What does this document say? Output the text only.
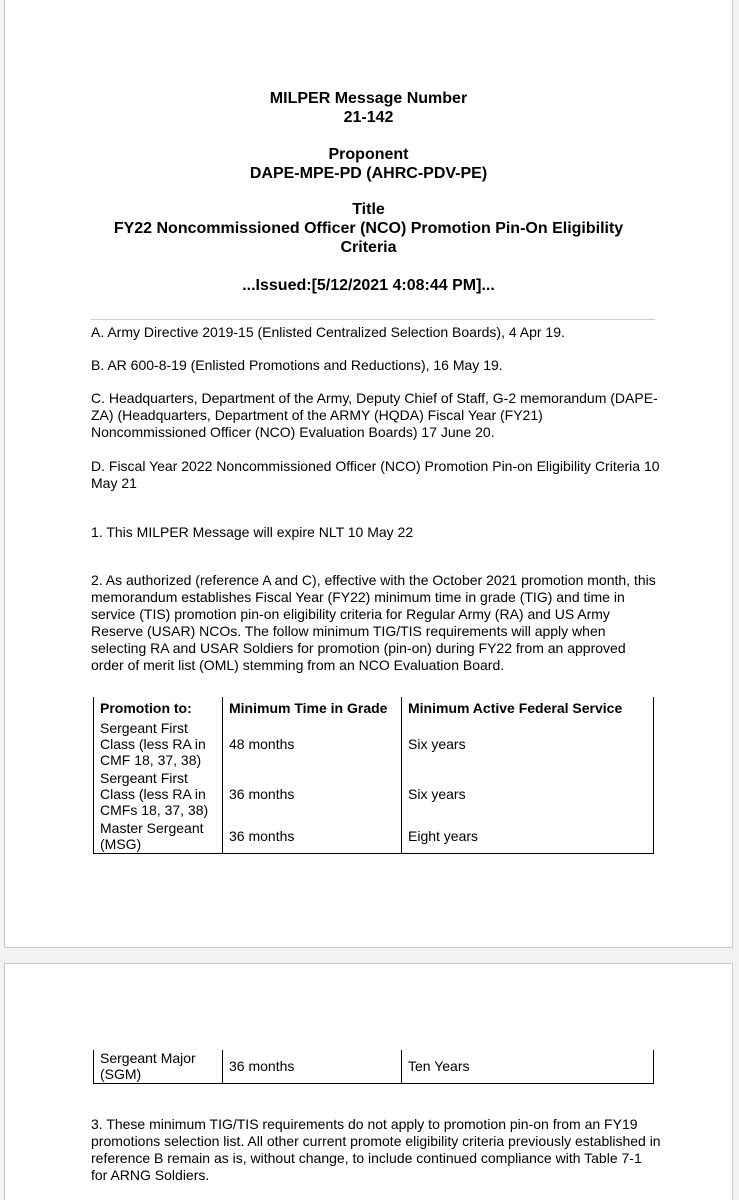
MILPER Message Number
21-142
Proponent
DAPE-MPE-PD (AHRC-PDV-PE)
Title
FY22 Noncommissioned Officer (NCO) Promotion Pin-On Eligibility
Criteria
...Issued:[5/12/2021 4:08:44 PM]...
A. Army Directive 2019-15 (Enlisted Centralized Selection Boards), 4 Apr 19.
B. AR 600-8-19 (Enlisted Promotions and Reductions), 16 May 19.
C. Headquarters, Department of the Army, Deputy Chief of Staff, G-2 memorandum (DAPE-ZA) (Headquarters, Department of the ARMY (HQDA) Fiscal Year (FY21) Noncommissioned Officer (NCO) Evaluation Boards) 17 June 20.
D. Fiscal Year 2022 Noncommissioned Officer (NCO) Promotion Pin-on Eligibility Criteria 10 May 21
1. This MILPER Message will expire NLT 10 May 22
2. As authorized (reference A and C), effective with the October 2021 promotion month, this memorandum establishes Fiscal Year (FY22) minimum time in grade (TIG) and time in service (TIS) promotion pin-on eligibility criteria for Regular Army (RA) and US Army Reserve (USAR) NCOs. The follow minimum TIG/TIS requirements will apply when selecting RA and USAR Soldiers for promotion (pin-on) during FY22 from an approved order of merit list (OML) stemming from an NCO Evaluation Board.
Promotion to:	Minimum Time in Grade	Minimum Active Federal Service
Sergeant First Class (less RA in CMF 18, 37, 38)	48 months	Six years
Sergeant First Class (less RA in CMFs 18, 37, 38)	36 months	Six years
Master Sergeant (MSG)	36 months	Eight years
Sergeant Major (SGM)	36 months	Ten Years
3. These minimum TIG/TIS requirements do not apply to promotion pin-on from an FY19 promotions selection list. All other current promote eligibility criteria previously established in reference B remain as is, without change, to include continued compliance with Table 7-1 for ARNG Soldiers.
